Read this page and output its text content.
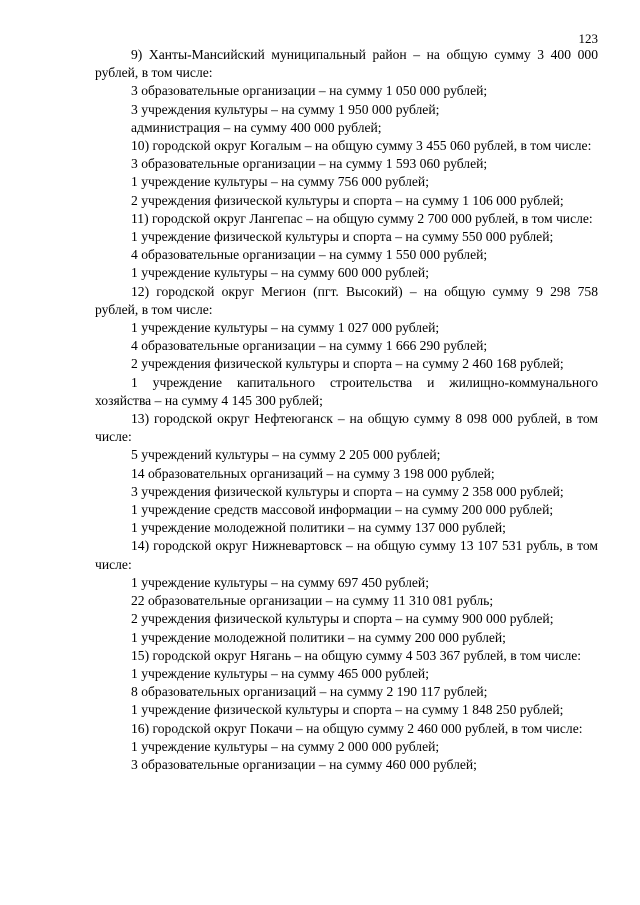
123

9) Ханты-Мансийский муниципальный район – на общую сумму 3 400 000 рублей, в том числе:

3 образовательные организации – на сумму 1 050 000 рублей;

3 учреждения культуры – на сумму 1 950 000 рублей;

администрация – на сумму 400 000 рублей;

10) городской округ Когалым – на общую сумму 3 455 060 рублей, в том числе:

3 образовательные организации – на сумму 1 593 060 рублей;

1 учреждение культуры – на сумму 756 000 рублей;

2 учреждения физической культуры и спорта – на сумму 1 106 000 рублей;

11) городской округ Лангепас – на общую сумму 2 700 000 рублей, в том числе:

1 учреждение физической культуры и спорта – на сумму 550 000 рублей;

4 образовательные организации – на сумму 1 550 000 рублей;

1 учреждение культуры – на сумму 600 000 рублей;

12) городской округ Мегион (пгт. Высокий) – на общую сумму 9 298 758 рублей, в том числе:

1 учреждение культуры – на сумму 1 027 000 рублей;

4 образовательные организации – на сумму 1 666 290 рублей;

2 учреждения физической культуры и спорта – на сумму 2 460 168 рублей;

1 учреждение капитального строительства и жилищно-коммунального хозяйства – на сумму 4 145 300 рублей;

13) городской округ Нефтеюганск – на общую сумму 8 098 000 рублей, в том числе:

5 учреждений культуры – на сумму 2 205 000 рублей;

14 образовательных организаций – на сумму 3 198 000 рублей;

3 учреждения физической культуры и спорта – на сумму 2 358 000 рублей;

1 учреждение средств массовой информации – на сумму 200 000 рублей;

1 учреждение молодежной политики – на сумму 137 000 рублей;

14) городской округ Нижневартовск – на общую сумму 13 107 531 рубль, в том числе:

1 учреждение культуры – на сумму 697 450 рублей;

22 образовательные организации – на сумму 11 310 081 рубль;

2 учреждения физической культуры и спорта – на сумму 900 000 рублей;

1 учреждение молодежной политики – на сумму 200 000 рублей;

15) городской округ Нягань – на общую сумму 4 503 367 рублей, в том числе:

1 учреждение культуры – на сумму 465 000 рублей;

8 образовательных организаций – на сумму 2 190 117 рублей;

1 учреждение физической культуры и спорта – на сумму 1 848 250 рублей;

16) городской округ Покачи – на общую сумму 2 460 000 рублей, в том числе:

1 учреждение культуры – на сумму 2 000 000 рублей;

3 образовательные организации – на сумму 460 000 рублей;
